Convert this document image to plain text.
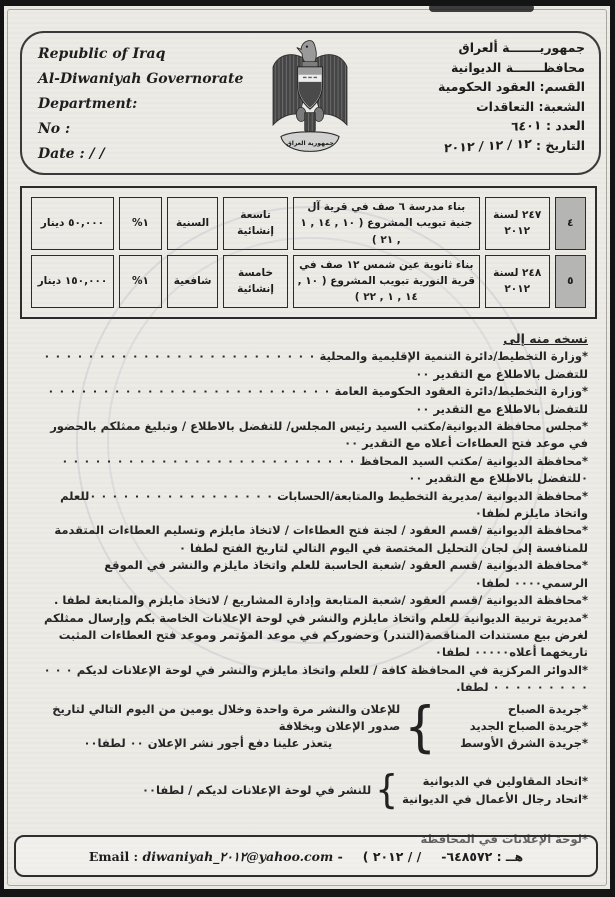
Republic of Iraq
Al-Diwaniyah Governorate
Department:
No :
Date : / /
جمهورية العراق
جمهوريـــــــة ألعراق
محافظـــــــة الديوانية
القسم: العقود الحكومية
الشعبة: التعاقدات
العدد : ٦٤٠١
التاريخ : ١٢ / ١٢ / ٢٠١٢
٤	٢٤٧ لسنة ٢٠١٢	بناء مدرسة ٦ صف في قرية آل جنية تبويب المشروع ( ١٠ , ١٤ , ١ , ٢١ )	تاسعة إنشائية	السنية	١%	٥٠,٠٠٠ دينار
٥	٢٤٨ لسنة ٢٠١٢	بناء ثانوية عين شمس ١٢ صف في قرية النورية تبويب المشروع ( ١٠ , ١٤ , ١ , ٢٢ )	خامسة إنشائية	شافعية	١%	١٥٠,٠٠٠ دينار
نسخه منه إلى
*وزارة التخطيط/دائرة التنمية الإقليمية والمحلية ٠ ٠ ٠ ٠ ٠ ٠ ٠ ٠ ٠ ٠ ٠ ٠ ٠ ٠ ٠ ٠ ٠ ٠ ٠ ٠ ٠ ٠ ٠ ٠ ٠ للتفضل بالاطلاع مع التقدير ٠٠
*وزارة التخطيط/دائرة العقود الحكومية العامة ٠ ٠ ٠ ٠ ٠ ٠ ٠ ٠ ٠ ٠ ٠ ٠ ٠ ٠ ٠ ٠ ٠ ٠ ٠ ٠ ٠ ٠ ٠ ٠ ٠ ٠ للتفضل بالاطلاع مع التقدير ٠٠
*مجلس محافظة الديوانية/مكتب السيد رئيس المجلس/ للتفضل بالاطلاع / وتبليغ ممثلكم بالحضور في موعد فتح العطاءات أعلاه مع التقدير ٠٠
*محافظة الديوانية /مكتب السيد المحافظ ٠ ٠ ٠ ٠ ٠ ٠ ٠ ٠ ٠ ٠ ٠ ٠ ٠ ٠ ٠ ٠ ٠ ٠ ٠ ٠ ٠ ٠ ٠ ٠ ٠ ٠ ٠ ٠للتفضل بالاطلاع مع التقدير ٠٠
*محافظة الديوانية /مديرية التخطيط والمتابعة/الحسابات ٠ ٠ ٠ ٠ ٠ ٠ ٠ ٠ ٠ ٠ ٠ ٠ ٠ ٠ ٠ ٠ ٠للعلم واتخاذ مايلزم لطفا٠
*محافظة الديوانية /قسم العقود / لجنة فتح العطاءات / لاتخاذ مايلزم وتسليم العطاءات المتقدمة للمنافسة إلى لجان التحليل المختصة في اليوم التالي لتاريخ الفتح لطفا ٠
*محافظة الديوانية /قسم العقود /شعبة الحاسبة للعلم واتخاذ مايلزم والنشر في الموقع الرسمي٠٠٠٠ لطفا٠
*محافظة الديوانية /قسم العقود /شعبة المتابعة وإدارة المشاريع / لاتخاذ مايلزم والمتابعة لطفا .
*مديرية تربية الديوانية للعلم واتخاذ مايلزم والنشر في لوحة الإعلانات الخاصة بكم وإرسال ممثلكم لغرض بيع مستندات المناقصة(التندر) وحضوركم في موعد المؤتمر وموعد فتح العطاءات المثبت تاريخهما أعلاه٠٠٠٠٠ لطفا٠
*الدوائر المركزية في المحافظة كافة / للعلم واتخاذ مايلزم والنشر في لوحة الإعلانات لديكم ٠ ٠ ٠ ٠ ٠ ٠ ٠ ٠ ٠ ٠ ٠ ٠ لطفا.
*جريدة الصباح
*جريدة الصباح الجديد
*جريدة الشرق الأوسط
}
للإعلان والنشر مرة واحدة وخلال يومين من اليوم التالي لتاريخ صدور الإعلان وبخلافة
يتعذر علينا دفع أجور نشر الإعلان ٠٠ لطفا٠٠
*اتحاد المقاولين في الديوانية
*اتحاد رجال الأعمال في الديوانية
}
للنشر في لوحة الإعلانات لديكم / لطفا٠٠
*لوحة الإعلانات في المحافظة
Email : diwaniyah_٢٠١٢@yahoo.com - ( ٢٠١٢ / / هــ : ٦٤٨٥٧٢-
